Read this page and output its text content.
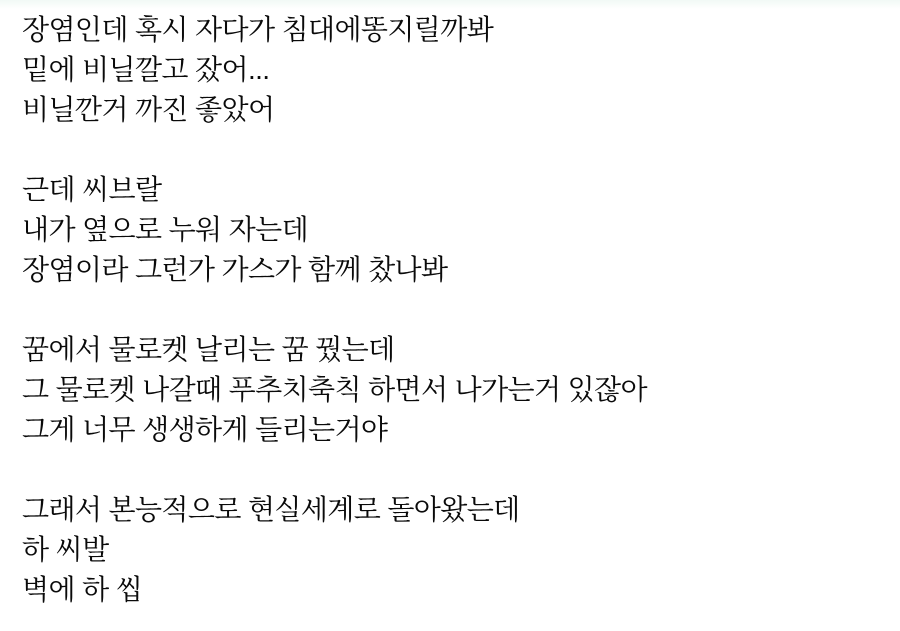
장염인데 혹시 자다가 침대에똥지릴까봐
밑에 비닐깔고 잤어...
비닐깐거 까진 좋았어
근데 씨브랄
내가 옆으로 누워 자는데
장염이라 그런가 가스가 함께 찼나봐
꿈에서 물로켓 날리는 꿈 꿨는데
그 물로켓 나갈때 푸추치축칙 하면서 나가는거 있잖아
그게 너무 생생하게 들리는거야
그래서 본능적으로 현실세계로 돌아왔는데
하 씨발
벽에 하 씹
